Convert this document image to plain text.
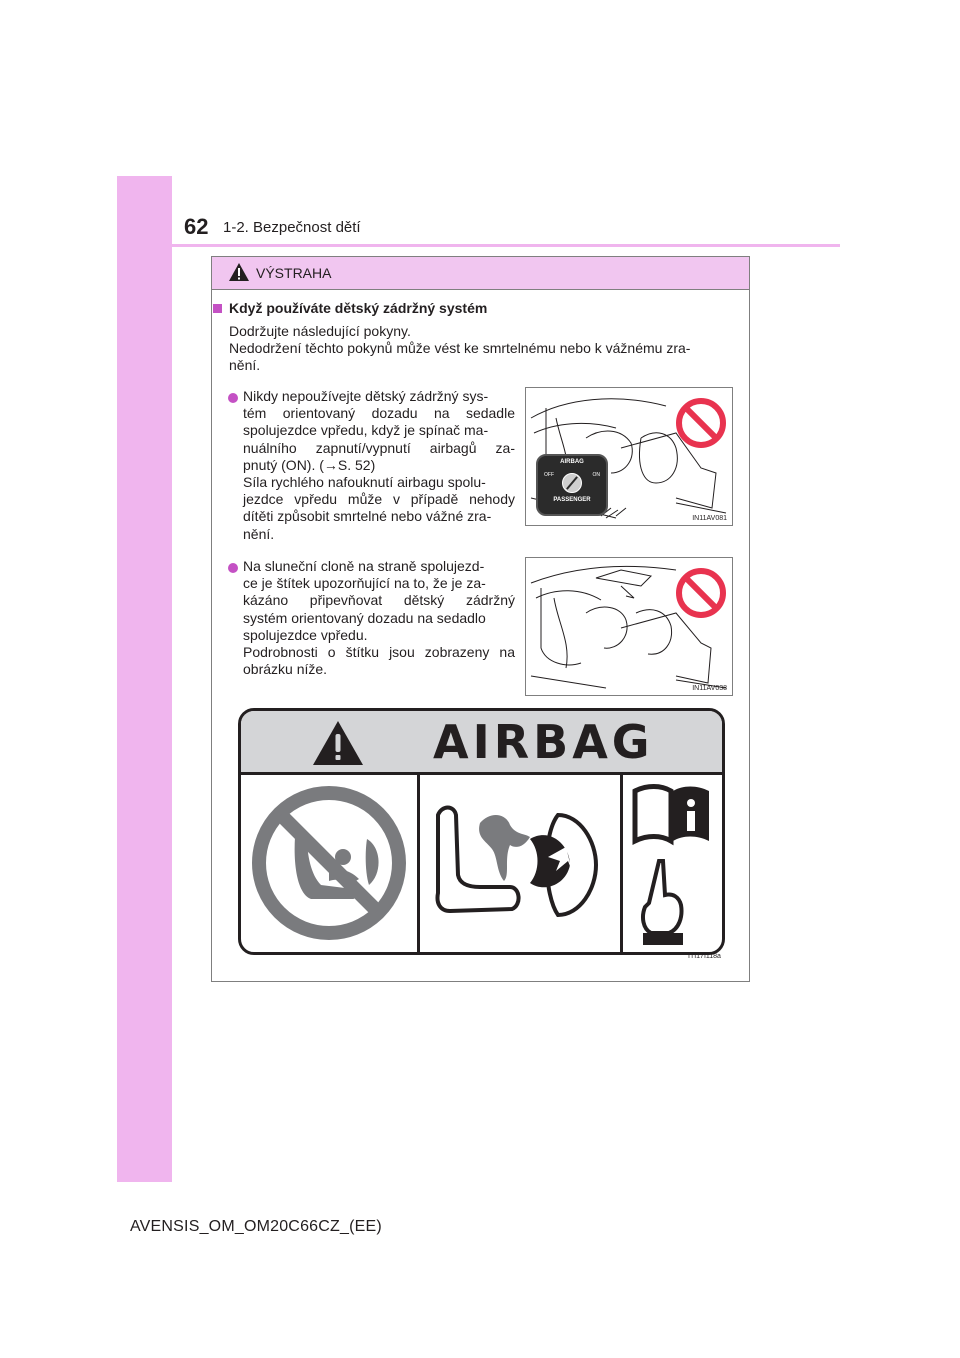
62 1-2. Bezpečnost dětí
VÝSTRAHA
Když používáte dětský zádržný systém
Dodržujte následující pokyny.
Nedodržení těchto pokynů může vést ke smrtelnému nebo k vážnému zra-
nění.
Nikdy nepoužívejte dětský zádržný sys-
tém orientovaný dozadu na sedadle
spolujezdce vpředu, když je spínač ma-
nuálního zapnutí/vypnutí airbagů za-
pnutý (ON). (→S. 52)
Síla rychlého nafouknutí airbagu spolu-
jezdce vpředu může v případě nehody
dítěti způsobit smrtelné nebo vážné zra-
nění.
AIRBAG
OFF	ON
PASSENGER
IN11AV081
Na sluneční cloně na straně spolujezd-
ce je štítek upozorňující na to, že je za-
kázáno připevňovat dětský zádržný
systém orientovaný dozadu na sedadlo
spolujezdce vpředu.
Podrobnosti o štítku jsou zobrazeny na
obrázku níže.
IN11AV038
AIRBAG
ITI17I118a
AVENSIS_OM_OM20C66CZ_(EE)
